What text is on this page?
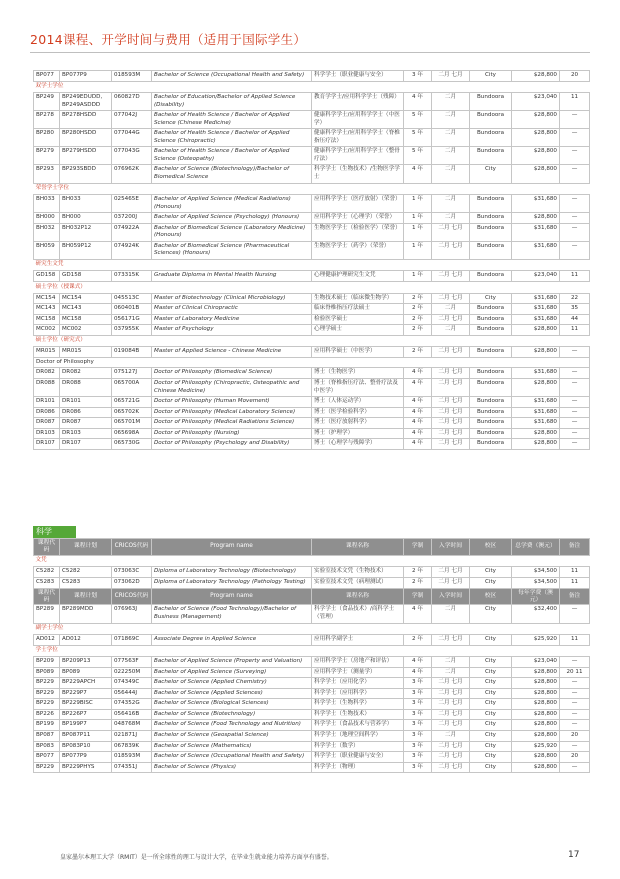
2014课程、开学时间与费用（适用于国际学生）
BP077	BP077P9	018593M	Bachelor of Science (Occupational Health and Safety)	科学学士（职业健康与安全）	3 年	二月 七月	City	$28,800	20
双学士学位									
BP249	BP249EDUDD, BP249ASDDD	060827D	Bachelor of Education/Bachelor of Applied Science (Disability)	教育学学士/应用科学学士（残障）	4 年	二月	Bundoora	$23,040	11
BP278	BP278HSDD	077042J	Bachelor of Health Science / Bachelor of Applied Science (Chinese Medicine)	健康科学学士/应用科学学士（中医学）	5 年	二月	Bundoora	$28,800	—
BP280	BP280HSDD	077044G	Bachelor of Health Science / Bachelor of Applied Science (Chiropractic)	健康科学学士/应用科学学士（脊椎指压疗法）	5 年	二月	Bundoora	$28,800	—
BP279	BP279HSDD	077043G	Bachelor of Health Science / Bachelor of Applied Science (Osteopathy)	健康科学学士/应用科学学士（整骨疗法）	5 年	二月	Bundoora	$28,800	—
BP293	BP293SBDD	076962K	Bachelor of Science (Biotechnology)/Bachelor of Biomedical Science	科学学士（生物技术）/生物医学学士	4 年	二月	City	$28,800	—
荣誉学士学位									
BH033	BH033	025465E	Bachelor of Applied Science (Medical Radiations) (Honours)	应用科学学士（医疗放射）（荣誉）	1 年	二月	Bundoora	$31,680	—
BH000	BH000	037200J	Bachelor of Applied Science (Psychology) (Honours)	应用科学学士（心理学）（荣誉）	1 年	二月	Bundoora	$28,800	—
BH032	BH032P12	074922A	Bachelor of Biomedical Science (Laboratory Medicine) (Honours)	生物医学学士（检验医学）（荣誉）	1 年	二月 七月	Bundoora	$31,680	—
BH059	BH059P12	074924K	Bachelor of Biomedical Science (Pharmaceutical Sciences) (Honours)	生物医学学士（药学）（荣誉）	1 年	二月 七月	Bundoora	$31,680	—
研究生文凭									
GD158	GD158	073315K	Graduate Diploma in Mental Health Nursing	心理健康护理研究生文凭	1 年	二月 七月	Bundoora	$23,040	11
硕士学位（授课式）									
MC154	MC154	045513C	Master of Biotechnology (Clinical Microbiology)	生物技术硕士（临床微生物学）	2 年	二月 七月	City	$31,680	22
MC143	MC143	060401B	Master of Clinical Chiropractic	临床脊椎指压疗法硕士	2 年	二月	Bundoora	$31,680	35
MC158	MC158	056171G	Master of Laboratory Medicine	检验医学硕士	2 年	二月 七月	Bundoora	$31,680	44
MC002	MC002	037955K	Master of Psychology	心理学硕士	2 年	二月	Bundoora	$28,800	11
硕士学位（研究式）									
MR015	MR015	019084B	Master of Applied Science - Chinese Medicine	应用科学硕士（中医学）	2 年	二月 七月	Bundoora	$28,800	—
Doctor of Philosophy									
DR082	DR082	075127J	Doctor of Philosophy (Biomedical Science)	博士（生物医学）	4 年	二月 七月	Bundoora	$31,680	—
DR088	DR088	065700A	Doctor of Philosophy (Chiropractic, Osteopathic and Chinese Medicine)	博士（脊椎指压疗法、整骨疗法及中医学）	4 年	二月 七月	Bundoora	$28,800	—
DR101	DR101	065721G	Doctor of Philosophy (Human Movement)	博士（人体运动学）	4 年	二月 七月	Bundoora	$31,680	—
DR086	DR086	065702K	Doctor of Philosophy (Medical Laboratory Science)	博士（医学检验科学）	4 年	二月 七月	Bundoora	$31,680	—
DR087	DR087	065701M	Doctor of Philosophy (Medical Radiations Science)	博士（医疗放射科学）	4 年	二月 七月	Bundoora	$31,680	—
DR103	DR103	065698A	Doctor of Philosophy (Nursing)	博士（护理学）	4 年	二月 七月	Bundoora	$28,800	—
DR107	DR107	065730G	Doctor of Philosophy (Psychology and Disability)	博士（心理学与残障学）	4 年	二月 七月	Bundoora	$28,800	—
科学
课程代码	课程计划	CRICOS代码	Program name	课程名称	学制	入学时间	校区	总学费（澳元）	备注
文凭									
C5282	C5282	073063C	Diploma of Laboratory Technology (Biotechnology)	实验室技术文凭（生物技术）	2 年	二月 七月	City	$34,500	11
C5283	C5283	073062D	Diploma of Laboratory Technology (Pathology Testing)	实验室技术文凭（病理测试）	2 年	二月 七月	City	$34,500	11
课程代码	课程计划	CRICOS代码	Program name	课程名称	学制	入学时间	校区	每年学费（澳元）	备注
BP289	BP289MDD	076963J	Bachelor of Science (Food Technology)/Bachelor of Business (Management)	科学学士（食品技术）/商科学士（管理）	4 年	二月	City	$32,400	—
副学士学位									
AD012	AD012	071869C	Associate Degree in Applied Science	应用科学副学士	2 年	二月 七月	City	$25,920	11
学士学位									
BP209	BP209P13	077563F	Bachelor of Applied Science (Property and Valuation)	应用科学学士（房地产和评估）	4 年	二月	City	$23,040	—
BP089	BP089	022250M	Bachelor of Applied Science (Surveying)	应用科学学士（测量学）	4 年	二月	City	$28,800	20 11
BP229	BP229APCH	074349C	Bachelor of Science (Applied Chemistry)	科学学士（应用化学）	3 年	二月 七月	City	$28,800	—
BP229	BP229P7	056444J	Bachelor of Science (Applied Sciences)	科学学士（应用科学）	3 年	二月 七月	City	$28,800	—
BP229	BP229BISC	074352G	Bachelor of Science (Biological Sciences)	科学学士（生物科学）	3 年	二月 七月	City	$28,800	—
BP226	BP226P7	056416B	Bachelor of Science (Biotechnology)	科学学士（生物技术）	3 年	二月 七月	City	$28,800	—
BP199	BP199P7	048768M	Bachelor of Science (Food Technology and Nutrition)	科学学士（食品技术与营养学）	3 年	二月 七月	City	$28,800	—
BP087	BP087P11	021871J	Bachelor of Science (Geospatial Science)	科学学士（地理空间科学）	3 年	二月	City	$28,800	20
BP083	BP083P10	067839K	Bachelor of Science (Mathematics)	科学学士（数学）	3 年	二月 七月	City	$25,920	—
BP077	BP077P9	018593M	Bachelor of Science (Occupational Health and Safety)	科学学士（职业健康与安全）	3 年	二月 七月	City	$28,800	20
BP229	BP229PHYS	074351J	Bachelor of Science (Physics)	科学学士（物理）	3 年	二月 七月	City	$28,800	—
皇家墨尔本理工大学（RMIT）是一所全球性的理工与设计大学，在毕业生就业能力培养方面享有盛誉。	17
